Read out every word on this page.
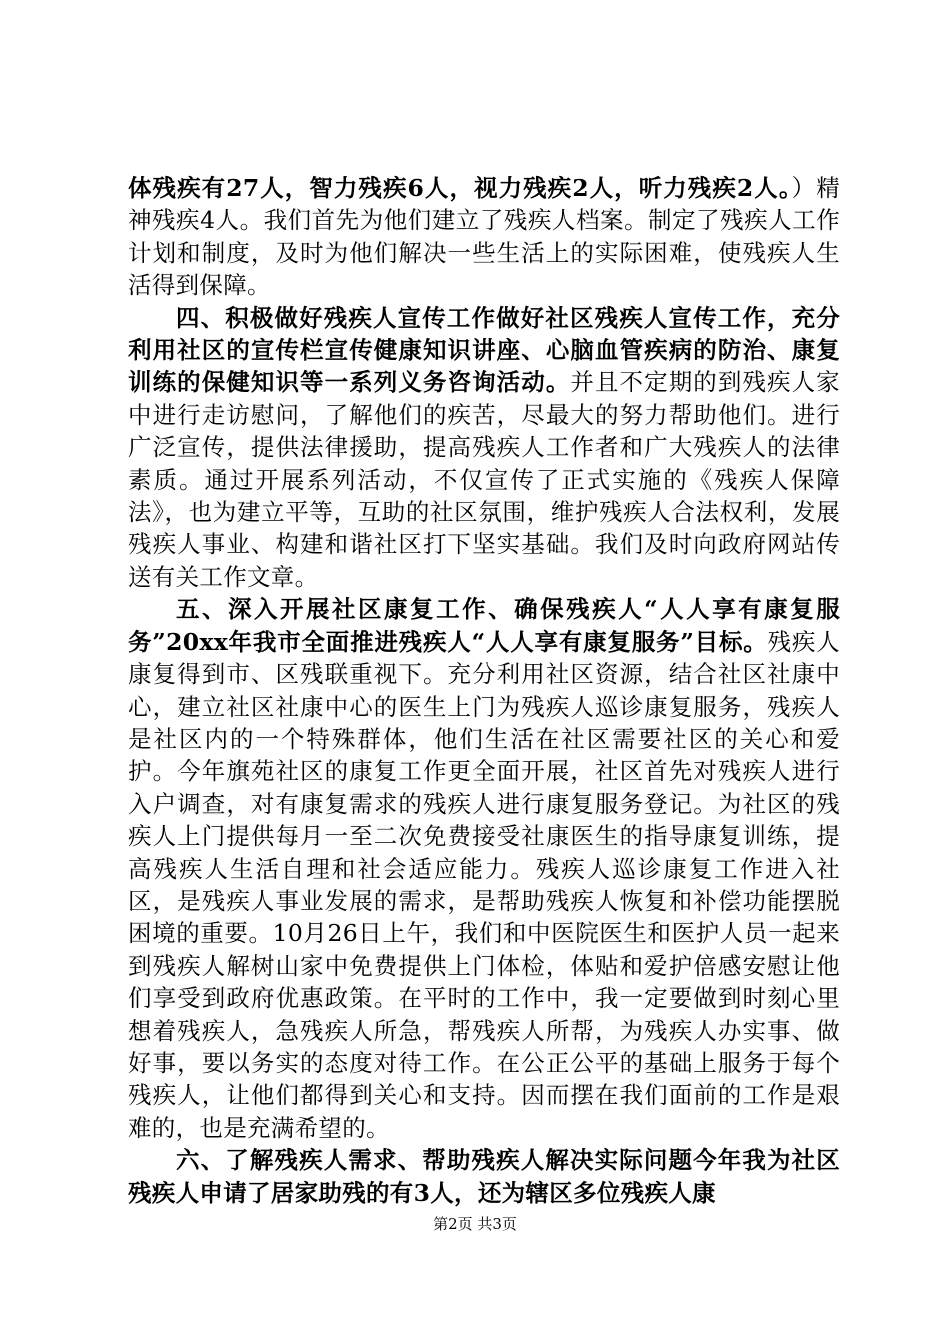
体残疾有27人，智力残疾6人，视力残疾2人，听力残疾2人。）精神残疾4人。我们首先为他们建立了残疾人档案。制定了残疾人工作计划和制度，及时为他们解决一些生活上的实际困难，使残疾人生活得到保障。

四、积极做好残疾人宣传工作做好社区残疾人宣传工作，充分利用社区的宣传栏宣传健康知识讲座、心脑血管疾病的防治、康复训练的保健知识等一系列义务咨询活动。并且不定期的到残疾人家中进行走访慰问，了解他们的疾苦，尽最大的努力帮助他们。进行广泛宣传，提供法律援助，提高残疾人工作者和广大残疾人的法律素质。通过开展系列活动，不仅宣传了正式实施的《残疾人保障法》，也为建立平等，互助的社区氛围，维护残疾人合法权利，发展残疾人事业、构建和谐社区打下坚实基础。我们及时向政府网站传送有关工作文章。

五、深入开展社区康复工作、确保残疾人“人人享有康复服务”20xx年我市全面推进残疾人“人人享有康复服务”目标。残疾人康复得到市、区残联重视下。充分利用社区资源，结合社区社康中心，建立社区社康中心的医生上门为残疾人巡诊康复服务，残疾人是社区内的一个特殊群体，他们生活在社区需要社区的关心和爱护。今年旗苑社区的康复工作更全面开展，社区首先对残疾人进行入户调查，对有康复需求的残疾人进行康复服务登记。为社区的残疾人上门提供每月一至二次免费接受社康医生的指导康复训练，提高残疾人生活自理和社会适应能力。残疾人巡诊康复工作进入社区，是残疾人事业发展的需求，是帮助残疾人恢复和补偿功能摆脱困境的重要。10月26日上午，我们和中医院医生和医护人员一起来到残疾人解树山家中免费提供上门体检，体贴和爱护倍感安慰让他们享受到政府优惠政策。在平时的工作中，我一定要做到时刻心里想着残疾人，急残疾人所急，帮残疾人所帮，为残疾人办实事、做好事，要以务实的态度对待工作。在公正公平的基础上服务于每个残疾人，让他们都得到关心和支持。因而摆在我们面前的工作是艰难的，也是充满希望的。

六、了解残疾人需求、帮助残疾人解决实际问题今年我为社区残疾人申请了居家助残的有3人，还为辖区多位残疾人康

第2页 共3页
